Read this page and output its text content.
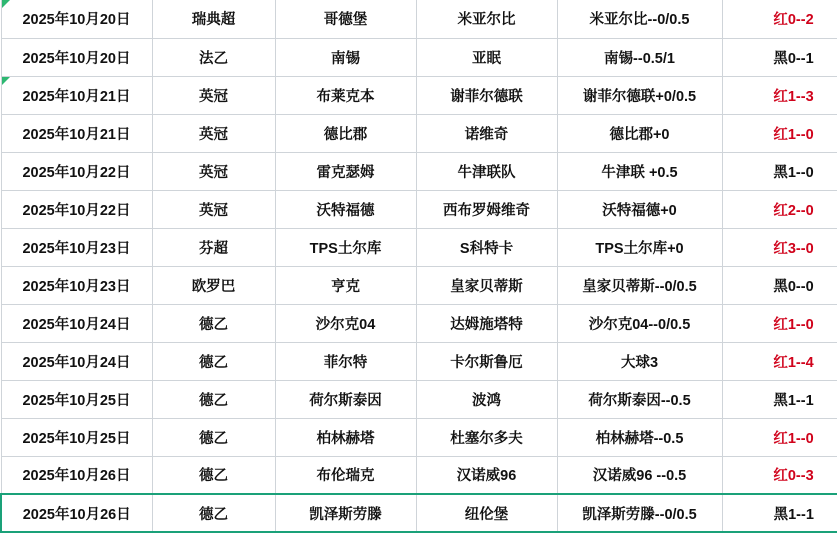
2025年10月20日	瑞典超	哥德堡	米亚尔比	米亚尔比--0/0.5	红0--2
2025年10月20日	法乙	南锡	亚眠	南锡--0.5/1	黑0--1
2025年10月21日	英冠	布莱克本	谢菲尔德联	谢菲尔德联+0/0.5	红1--3
2025年10月21日	英冠	德比郡	诺维奇	德比郡+0	红1--0
2025年10月22日	英冠	雷克瑟姆	牛津联队	牛津联 +0.5	黑1--0
2025年10月22日	英冠	沃特福德	西布罗姆维奇	沃特福德+0	红2--0
2025年10月23日	芬超	TPS土尔库	S科特卡	TPS土尔库+0	红3--0
2025年10月23日	欧罗巴	亨克	皇家贝蒂斯	皇家贝蒂斯--0/0.5	黑0--0
2025年10月24日	德乙	沙尔克04	达姆施塔特	沙尔克04--0/0.5	红1--0
2025年10月24日	德乙	菲尔特	卡尔斯鲁厄	大球3	红1--4
2025年10月25日	德乙	荷尔斯泰因	波鸿	荷尔斯泰因--0.5	黑1--1
2025年10月25日	德乙	柏林赫塔	杜塞尔多夫	柏林赫塔--0.5	红1--0
2025年10月26日	德乙	布伦瑞克	汉诺威96	汉诺威96 --0.5	红0--3
2025年10月26日	德乙	凯泽斯劳滕	纽伦堡	凯泽斯劳滕--0/0.5	黑1--1
